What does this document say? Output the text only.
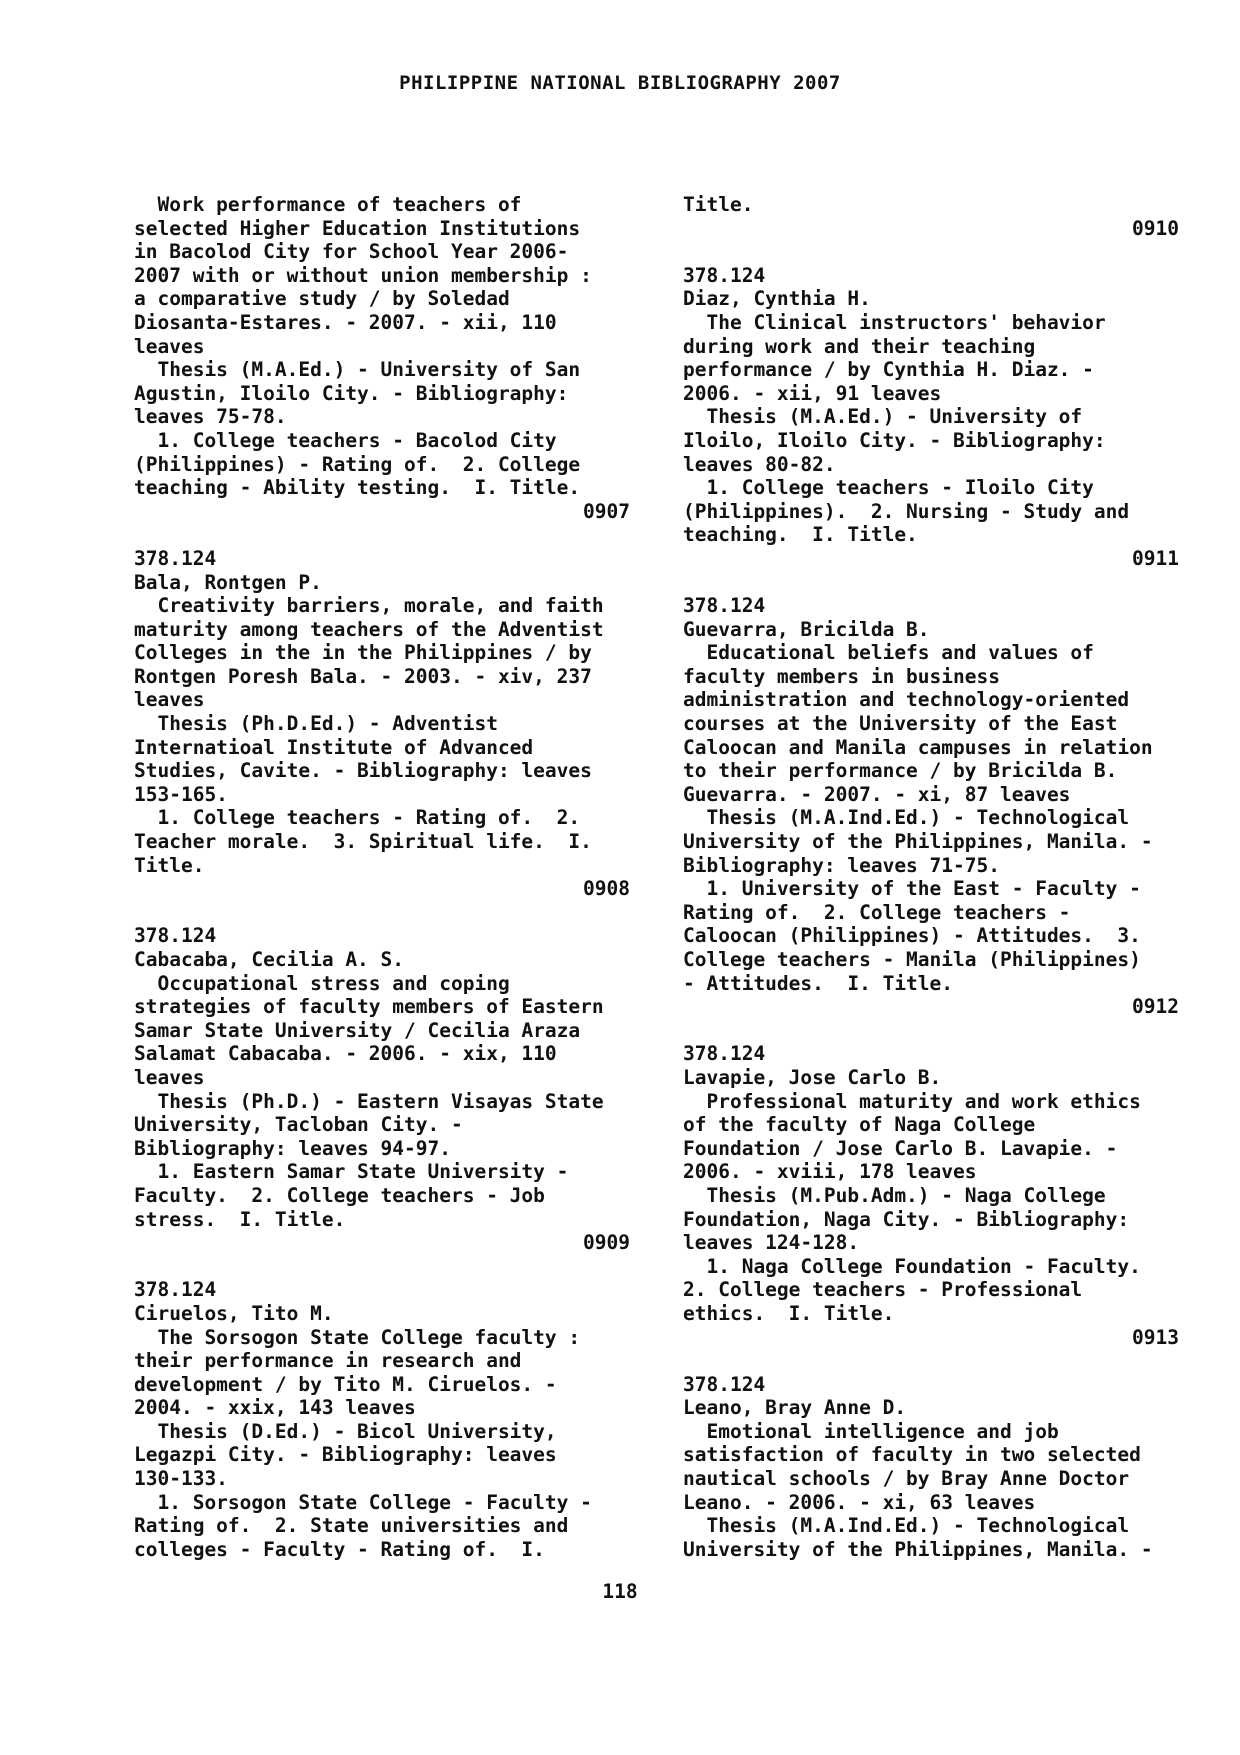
PHILIPPINE NATIONAL BIBLIOGRAPHY 2007
Work performance of teachers of
selected Higher Education Institutions
in Bacolod City for School Year 2006-
2007 with or without union membership :
a comparative study / by Soledad
Diosanta-Estares. - 2007. - xii, 110
leaves
Thesis (M.A.Ed.) - University of San
Agustin, Iloilo City. - Bibliography:
leaves 75-78.
1. College teachers - Bacolod City
(Philippines) - Rating of.  2. College
teaching - Ability testing.  I. Title.
0907
378.124
Bala, Rontgen P.
Creativity barriers, morale, and faith
maturity among teachers of the Adventist
Colleges in the in the Philippines / by
Rontgen Poresh Bala. - 2003. - xiv, 237
leaves
Thesis (Ph.D.Ed.) - Adventist
Internatioal Institute of Advanced
Studies, Cavite. - Bibliography: leaves
153-165.
1. College teachers - Rating of.  2.
Teacher morale.  3. Spiritual life.  I.
Title.
0908
378.124
Cabacaba, Cecilia A. S.
Occupational stress and coping
strategies of faculty members of Eastern
Samar State University / Cecilia Araza
Salamat Cabacaba. - 2006. - xix, 110
leaves
Thesis (Ph.D.) - Eastern Visayas State
University, Tacloban City. -
Bibliography: leaves 94-97.
1. Eastern Samar State University -
Faculty.  2. College teachers - Job
stress.  I. Title.
0909
378.124
Ciruelos, Tito M.
The Sorsogon State College faculty :
their performance in research and
development / by Tito M. Ciruelos. -
2004. - xxix, 143 leaves
Thesis (D.Ed.) - Bicol University,
Legazpi City. - Bibliography: leaves
130-133.
1. Sorsogon State College - Faculty -
Rating of.  2. State universities and
colleges - Faculty - Rating of.  I.
Title.
0910
378.124
Diaz, Cynthia H.
The Clinical instructors' behavior
during work and their teaching
performance / by Cynthia H. Diaz. -
2006. - xii, 91 leaves
Thesis (M.A.Ed.) - University of
Iloilo, Iloilo City. - Bibliography:
leaves 80-82.
1. College teachers - Iloilo City
(Philippines).  2. Nursing - Study and
teaching.  I. Title.
0911
378.124
Guevarra, Bricilda B.
Educational beliefs and values of
faculty members in business
administration and technology-oriented
courses at the University of the East
Caloocan and Manila campuses in relation
to their performance / by Bricilda B.
Guevarra. - 2007. - xi, 87 leaves
Thesis (M.A.Ind.Ed.) - Technological
University of the Philippines, Manila. -
Bibliography: leaves 71-75.
1. University of the East - Faculty -
Rating of.  2. College teachers -
Caloocan (Philippines) - Attitudes.  3.
College teachers - Manila (Philippines)
- Attitudes.  I. Title.
0912
378.124
Lavapie, Jose Carlo B.
Professional maturity and work ethics
of the faculty of Naga College
Foundation / Jose Carlo B. Lavapie. -
2006. - xviii, 178 leaves
Thesis (M.Pub.Adm.) - Naga College
Foundation, Naga City. - Bibliography:
leaves 124-128.
1. Naga College Foundation - Faculty.
2. College teachers - Professional
ethics.  I. Title.
0913
378.124
Leano, Bray Anne D.
Emotional intelligence and job
satisfaction of faculty in two selected
nautical schools / by Bray Anne Doctor
Leano. - 2006. - xi, 63 leaves
Thesis (M.A.Ind.Ed.) - Technological
University of the Philippines, Manila. -
118
